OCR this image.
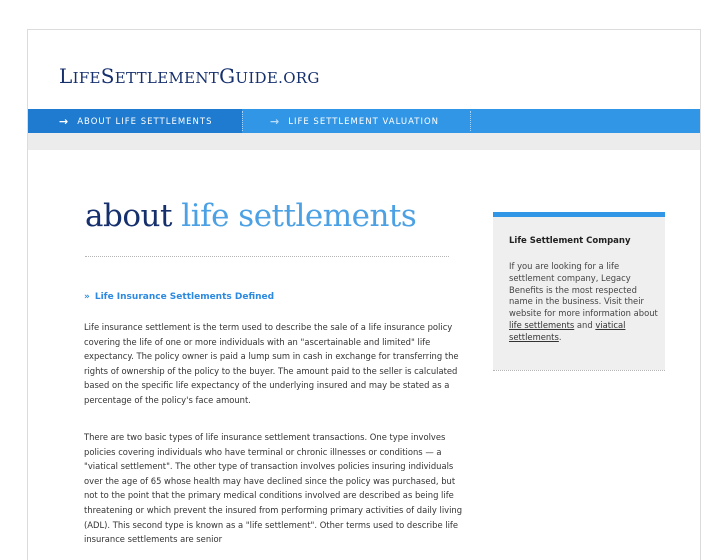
LIFESETTLEMENTGUIDE.ORG
→ ABOUT LIFE SETTLEMENTS	→ LIFE SETTLEMENT VALUATION
about life settlements
» Life Insurance Settlements Defined

Life insurance settlement is the term used to describe the sale of a life insurance policy covering the life of one or more individuals with an "ascertainable and limited" life expectancy. The policy owner is paid a lump sum in cash in exchange for transferring the rights of ownership of the policy to the buyer. The amount paid to the seller is calculated based on the specific life expectancy of the underlying insured and may be stated as a percentage of the policy's face amount.

There are two basic types of life insurance settlement transactions. One type involves policies covering individuals who have terminal or chronic illnesses or conditions — a "viatical settlement". The other type of transaction involves policies insuring individuals over the age of 65 whose health may have declined since the policy was purchased, but not to the point that the primary medical conditions involved are described as being life threatening or which prevent the insured from performing primary activities of daily living (ADL). This second type is known as a "life settlement". Other terms used to describe life insurance settlements are senior

Life Settlement Company
If you are looking for a life settlement company, Legacy Benefits is the most respected name in the business. Visit their website for more information about life settlements and viatical settlements.
